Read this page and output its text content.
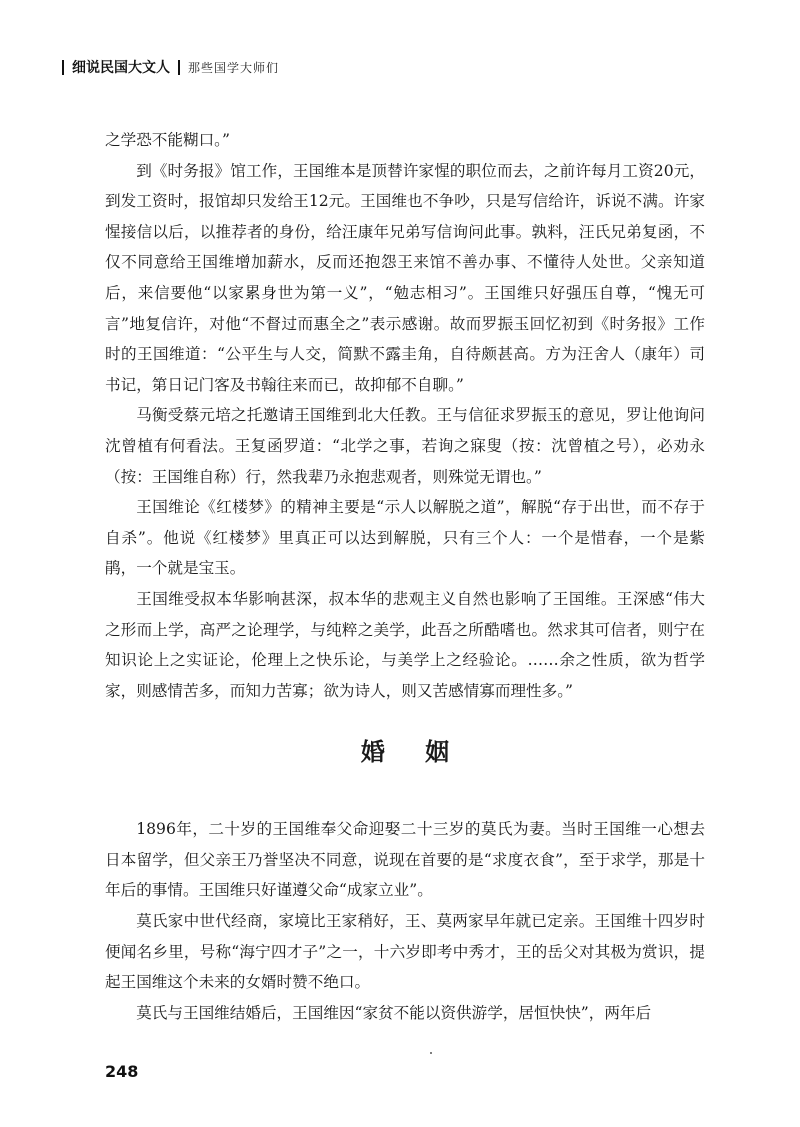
细说民国大文人 那些国学大师们

之学恐不能糊口。”

到《时务报》馆工作，王国维本是顶替许家惺的职位而去，之前许每月工资20元，到发工资时，报馆却只发给王12元。王国维也不争吵，只是写信给许，诉说不满。许家惺接信以后，以推荐者的身份，给汪康年兄弟写信询问此事。孰料，汪氏兄弟复函，不仅不同意给王国维增加薪水，反而还抱怨王来馆不善办事、不懂待人处世。父亲知道后，来信要他“以家累身世为第一义”，“勉志相习”。王国维只好强压自尊，“愧无可言”地复信许，对他“不督过而惠全之”表示感谢。故而罗振玉回忆初到《时务报》工作时的王国维道：“公平生与人交，简默不露圭角，自待颇甚高。方为汪舍人（康年）司书记，第日记门客及书翰往来而已，故抑郁不自聊。”

马衡受蔡元培之托邀请王国维到北大任教。王与信征求罗振玉的意见，罗让他询问沈曾植有何看法。王复函罗道：“北学之事，若询之寐叟（按：沈曾植之号），必劝永（按：王国维自称）行，然我辈乃永抱悲观者，则殊觉无谓也。”

王国维论《红楼梦》的精神主要是“示人以解脱之道”，解脱“存于出世，而不存于自杀”。他说《红楼梦》里真正可以达到解脱，只有三个人：一个是惜春，一个是紫鹃，一个就是宝玉。

王国维受叔本华影响甚深，叔本华的悲观主义自然也影响了王国维。王深感“伟大之形而上学，高严之论理学，与纯粹之美学，此吾之所酷嗜也。然求其可信者，则宁在知识论上之实证论，伦理上之快乐论，与美学上之经验论。……余之性质，欲为哲学家，则感情苦多，而知力苦寡；欲为诗人，则又苦感情寡而理性多。”

婚 姻

1896年，二十岁的王国维奉父命迎娶二十三岁的莫氏为妻。当时王国维一心想去日本留学，但父亲王乃誉坚决不同意，说现在首要的是“求度衣食”，至于求学，那是十年后的事情。王国维只好谨遵父命“成家立业”。

莫氏家中世代经商，家境比王家稍好，王、莫两家早年就已定亲。王国维十四岁时便闻名乡里，号称“海宁四才子”之一，十六岁即考中秀才，王的岳父对其极为赏识，提起王国维这个未来的女婿时赞不绝口。

莫氏与王国维结婚后，王国维因“家贫不能以资供游学，居恒快快”，两年后

248
